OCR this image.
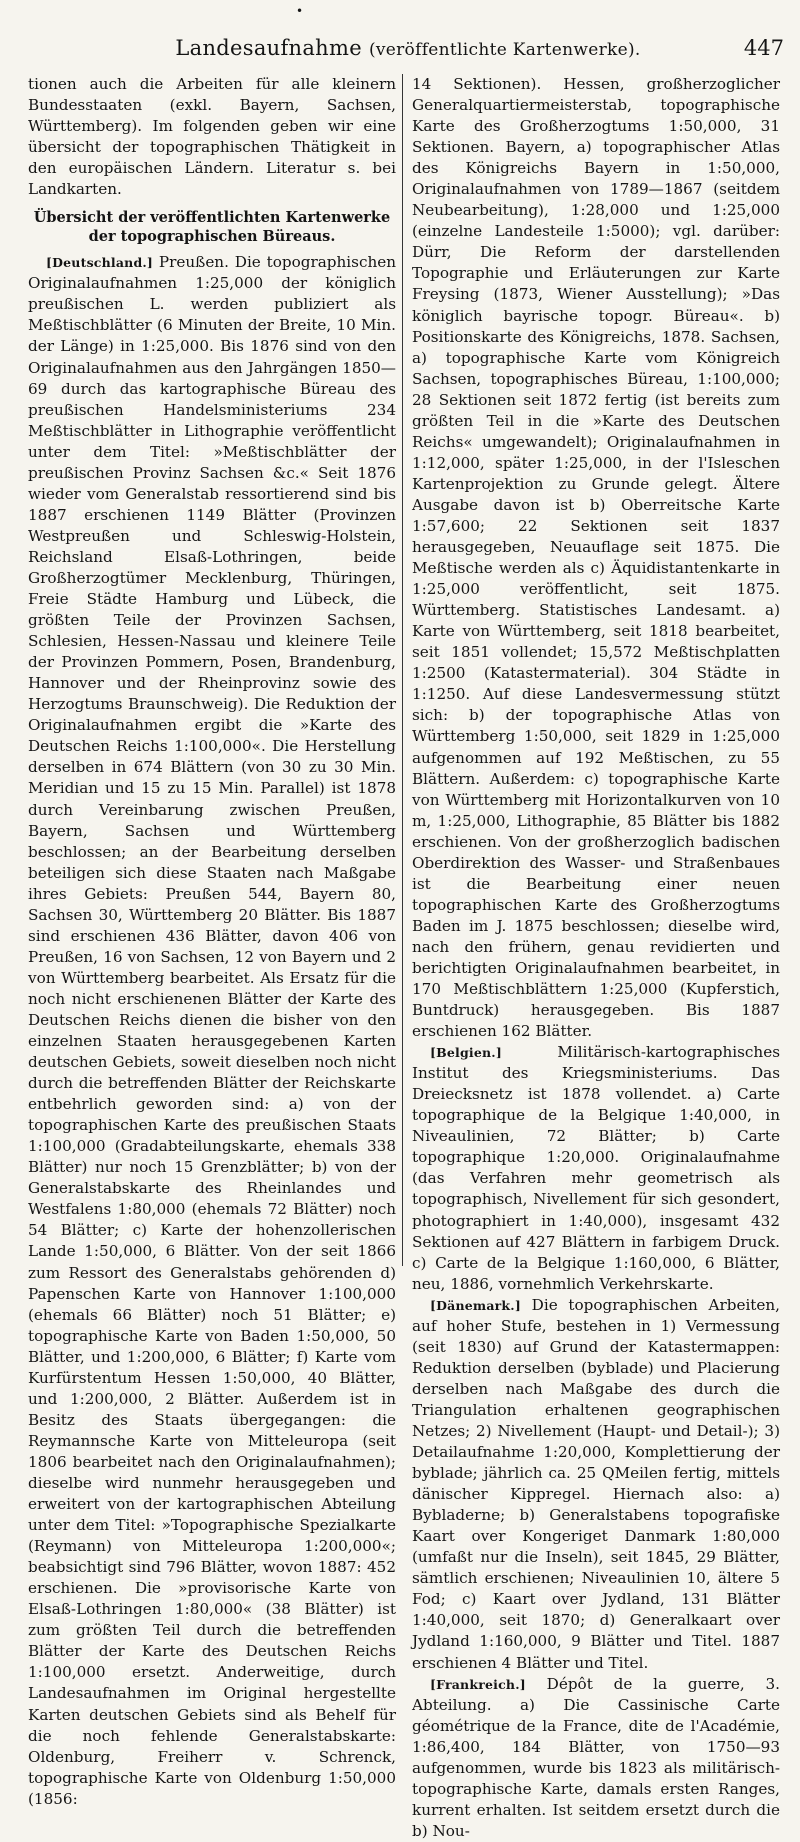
•
Landesaufnahme (veröffentlichte Kartenwerke).	447

tionen auch die Arbeiten für alle kleinern Bundesstaaten (exkl. Bayern, Sachsen, Württemberg). Im folgenden geben wir eine übersicht der topographischen Thätigkeit in den europäischen Ländern. Literatur s. bei Landkarten.

Übersicht der veröffentlichten Kartenwerke der topographischen Büreaus.

[Deutschland.] Preußen. Die topographischen Originalaufnahmen 1:25,000 der königlich preußischen L. werden publiziert als Meßtischblätter (6 Minuten der Breite, 10 Min. der Länge) in 1:25,000. Bis 1876 sind von den Originalaufnahmen aus den Jahrgängen 1850—69 durch das kartographische Büreau des preußischen Handelsministeriums 234 Meßtischblätter in Lithographie veröffentlicht unter dem Titel: »Meßtischblätter der preußischen Provinz Sachsen &c.« Seit 1876 wieder vom Generalstab ressortierend sind bis 1887 erschienen 1149 Blätter (Provinzen Westpreußen und Schleswig-Holstein, Reichsland Elsaß-Lothringen, beide Großherzogtümer Mecklenburg, Thüringen, Freie Städte Hamburg und Lübeck, die größten Teile der Provinzen Sachsen, Schlesien, Hessen-Nassau und kleinere Teile der Provinzen Pommern, Posen, Brandenburg, Hannover und der Rheinprovinz sowie des Herzogtums Braunschweig). Die Reduktion der Originalaufnahmen ergibt die »Karte des Deutschen Reichs 1:100,000«. Die Herstellung derselben in 674 Blättern (von 30 zu 30 Min. Meridian und 15 zu 15 Min. Parallel) ist 1878 durch Vereinbarung zwischen Preußen, Bayern, Sachsen und Württemberg beschlossen; an der Bearbeitung derselben beteiligen sich diese Staaten nach Maßgabe ihres Gebiets: Preußen 544, Bayern 80, Sachsen 30, Württemberg 20 Blätter. Bis 1887 sind erschienen 436 Blätter, davon 406 von Preußen, 16 von Sachsen, 12 von Bayern und 2 von Württemberg bearbeitet. Als Ersatz für die noch nicht erschienenen Blätter der Karte des Deutschen Reichs dienen die bisher von den einzelnen Staaten herausgegebenen Karten deutschen Gebiets, soweit dieselben noch nicht durch die betreffenden Blätter der Reichskarte entbehrlich geworden sind: a) von der topographischen Karte des preußischen Staats 1:100,000 (Gradabteilungskarte, ehemals 338 Blätter) nur noch 15 Grenzblätter; b) von der Generalstabskarte des Rheinlandes und Westfalens 1:80,000 (ehemals 72 Blätter) noch 54 Blätter; c) Karte der hohenzollerischen Lande 1:50,000, 6 Blätter. Von der seit 1866 zum Ressort des Generalstabs gehörenden d) Papenschen Karte von Hannover 1:100,000 (ehemals 66 Blätter) noch 51 Blätter; e) topographische Karte von Baden 1:50,000, 50 Blätter, und 1:200,000, 6 Blätter; f) Karte vom Kurfürstentum Hessen 1:50,000, 40 Blätter, und 1:200,000, 2 Blätter. Außerdem ist in Besitz des Staats übergegangen: die Reymannsche Karte von Mitteleuropa (seit 1806 bearbeitet nach den Originalaufnahmen); dieselbe wird nunmehr herausgegeben und erweitert von der kartographischen Abteilung unter dem Titel: »Topographische Spezialkarte (Reymann) von Mitteleuropa 1:200,000«; beabsichtigt sind 796 Blätter, wovon 1887: 452 erschienen. Die »provisorische Karte von Elsaß-Lothringen 1:80,000« (38 Blätter) ist zum größten Teil durch die betreffenden Blätter der Karte des Deutschen Reichs 1:100,000 ersetzt. Anderweitige, durch Landesaufnahmen im Original hergestellte Karten deutschen Gebiets sind als Behelf für die noch fehlende Generalstabskarte: Oldenburg, Freiherr v. Schrenck, topographische Karte von Oldenburg 1:50,000 (1856:

14 Sektionen). Hessen, großherzoglicher Generalquartiermeisterstab, topographische Karte des Großherzogtums 1:50,000, 31 Sektionen. Bayern, a) topographischer Atlas des Königreichs Bayern in 1:50,000, Originalaufnahmen von 1789—1867 (seitdem Neubearbeitung), 1:28,000 und 1:25,000 (einzelne Landesteile 1:5000); vgl. darüber: Dürr, Die Reform der darstellenden Topographie und Erläuterungen zur Karte Freysing (1873, Wiener Ausstellung); »Das königlich bayrische topogr. Büreau«. b) Positionskarte des Königreichs, 1878. Sachsen, a) topographische Karte vom Königreich Sachsen, topographisches Büreau, 1:100,000; 28 Sektionen seit 1872 fertig (ist bereits zum größten Teil in die »Karte des Deutschen Reichs« umgewandelt); Originalaufnahmen in 1:12,000, später 1:25,000, in der l'Isleschen Kartenprojektion zu Grunde gelegt. Ältere Ausgabe davon ist b) Oberreitsche Karte 1:57,600; 22 Sektionen seit 1837 herausgegeben, Neuauflage seit 1875. Die Meßtische werden als c) Äquidistantenkarte in 1:25,000 veröffentlicht, seit 1875. Württemberg. Statistisches Landesamt. a) Karte von Württemberg, seit 1818 bearbeitet, seit 1851 vollendet; 15,572 Meßtischplatten 1:2500 (Katastermaterial). 304 Städte in 1:1250. Auf diese Landesvermessung stützt sich: b) der topographische Atlas von Württemberg 1:50,000, seit 1829 in 1:25,000 aufgenommen auf 192 Meßtischen, zu 55 Blättern. Außerdem: c) topographische Karte von Württemberg mit Horizontalkurven von 10 m, 1:25,000, Lithographie, 85 Blätter bis 1882 erschienen. Von der großherzoglich badischen Oberdirektion des Wasser- und Straßenbaues ist die Bearbeitung einer neuen topographischen Karte des Großherzogtums Baden im J. 1875 beschlossen; dieselbe wird, nach den frühern, genau revidierten und berichtigten Originalaufnahmen bearbeitet, in 170 Meßtischblättern 1:25,000 (Kupferstich, Buntdruck) herausgegeben. Bis 1887 erschienen 162 Blätter.

[Belgien.]	Militärisch-kartographisches Institut des Kriegsministeriums. Das Dreiecksnetz ist 1878 vollendet. a) Carte topographique de la Belgique 1:40,000, in Niveaulinien, 72 Blätter; b) Carte topographique 1:20,000. Originalaufnahme (das Verfahren mehr geometrisch als topographisch, Nivellement für sich gesondert, photographiert in 1:40,000), insgesamt 432 Sektionen auf 427 Blättern in farbigem Druck. c) Carte de la Belgique 1:160,000, 6 Blätter, neu, 1886, vornehmlich Verkehrskarte.

[Dänemark.] Die topographischen Arbeiten, auf hoher Stufe, bestehen in 1) Vermessung (seit 1830) auf Grund der Katastermappen: Reduktion derselben (byblade) und Placierung derselben nach Maßgabe des durch die Triangulation erhaltenen geographischen Netzes; 2) Nivellement (Haupt- und Detail-); 3) Detailaufnahme 1:20,000, Komplettierung der byblade; jährlich ca. 25 QMeilen fertig, mittels dänischer Kippregel. Hiernach also: a) Bybladerne; b) Generalstabens topografiske Kaart over Kongeriget Danmark 1:80,000 (umfaßt nur die Inseln), seit 1845, 29 Blätter, sämtlich erschienen; Niveaulinien 10, ältere 5 Fod; c) Kaart over Jydland, 131 Blätter 1:40,000, seit 1870; d) Generalkaart over Jydland 1:160,000, 9 Blätter und Titel. 1887 erschienen 4 Blätter und Titel.

[Frankreich.] Dépôt de la guerre, 3. Abteilung. a) Die Cassinische Carte géométrique de la France, dite de l'Académie, 1:86,400, 184 Blätter, von 1750—93 aufgenommen, wurde bis 1823 als militärisch-topographische Karte, damals ersten Ranges, kurrent erhalten. Ist seitdem ersetzt durch die b) Nou-
